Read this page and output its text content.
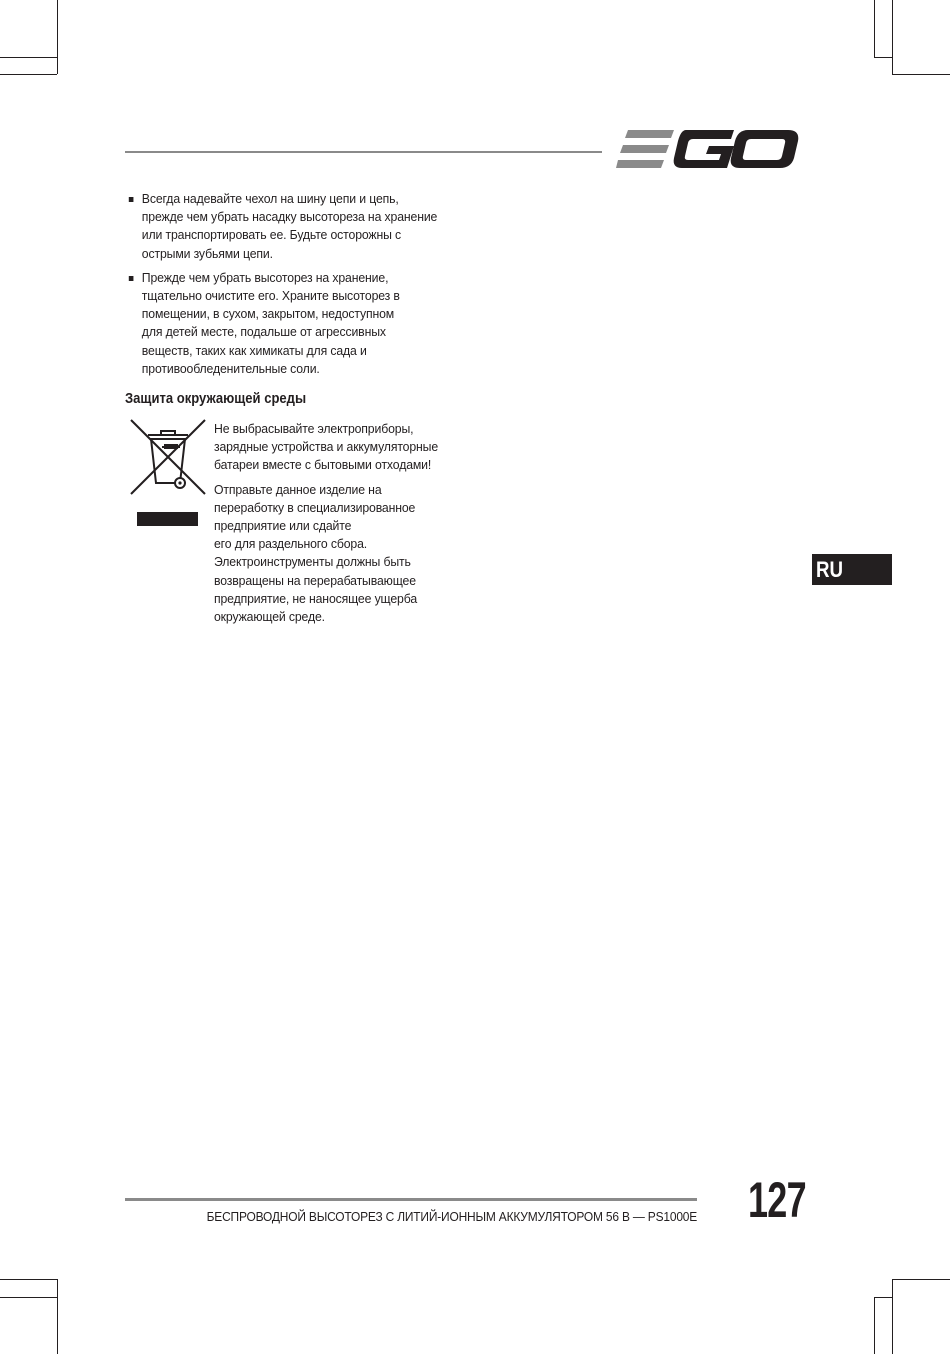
Всегда надевайте чехол на шину цепи и цепь,
прежде чем убрать насадку высотореза на хранение
или транспортировать ее. Будьте осторожны с
острыми зубьями цепи.
Прежде чем убрать высоторез на хранение,
тщательно очистите его. Храните высоторез в
помещении, в сухом, закрытом, недоступном
для детей месте, подальше от агрессивных
веществ, таких как химикаты для сада и
противообледенительные соли.
Защита окружающей среды

Не выбрасывайте электроприборы,
зарядные устройства и аккумуляторные
батареи вместе с бытовыми отходами!

Отправьте данное изделие на
переработку в специализированное
предприятие или сдайте
его для раздельного сбора.
Электроинструменты должны быть
возвращены на перерабатывающее
предприятие, не наносящее ущерба
окружающей среде.

RU
БЕСПРОВОДНОЙ ВЫСОТОРЕЗ С ЛИТИЙ-ИОННЫМ АККУМУЛЯТОРОМ 56 В — PS1000E 127
